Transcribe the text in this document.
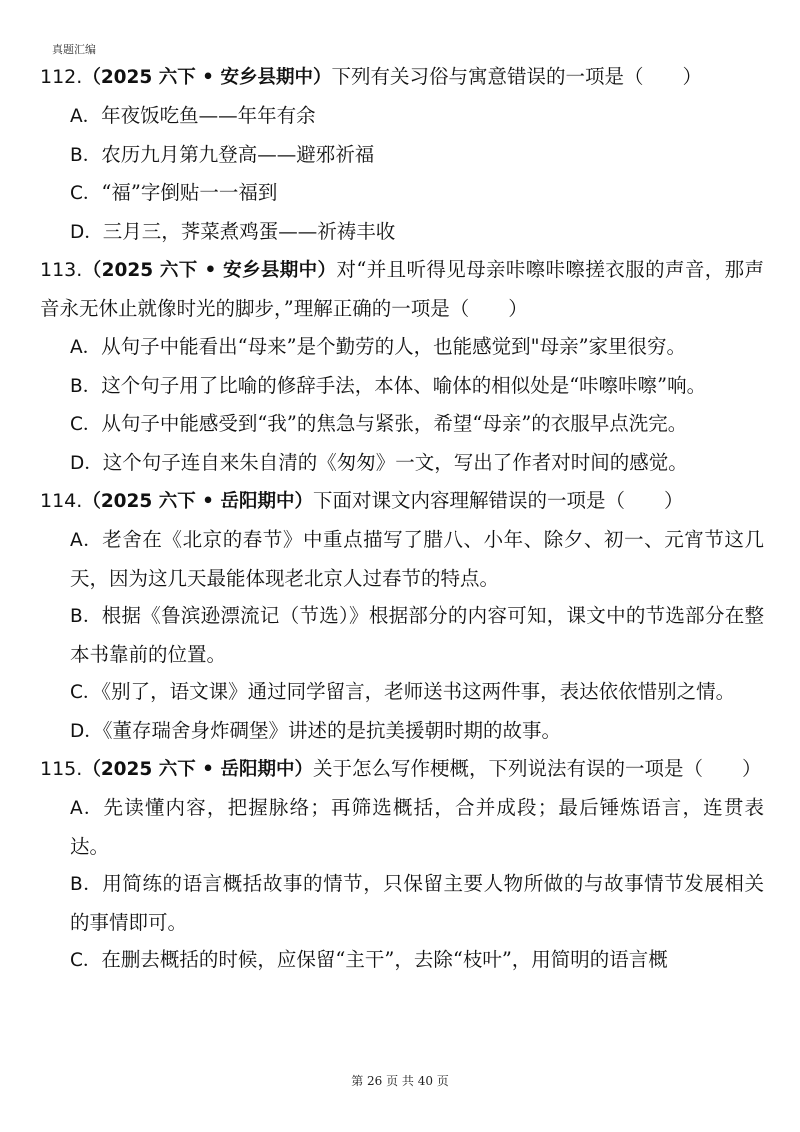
真题汇编

112.（2025 六下 • 安乡县期中）下列有关习俗与寓意错误的一项是（　　）

A．年夜饭吃鱼——年年有余

B．农历九月第九登高——避邪祈福

C．“福”字倒贴一一福到

D．三月三，荠菜煮鸡蛋——祈祷丰收

113.（2025 六下 • 安乡县期中）对“并且听得见母亲咔嚓咔嚓搓衣服的声音，那声音永无休止就像时光的脚步，”理解正确的一项是（　　）

A．从句子中能看出“母来”是个勤劳的人，也能感觉到"母亲”家里很穷。

B．这个句子用了比喻的修辞手法，本体、喻体的相似处是“咔嚓咔嚓”响。

C．从句子中能感受到“我”的焦急与紧张，希望“母亲”的衣服早点洗完。

D．这个句子连自来朱自清的《匆匆》一文，写出了作者对时间的感觉。

114.（2025 六下 • 岳阳期中）下面对课文内容理解错误的一项是（　　）

A．老舍在《北京的春节》中重点描写了腊八、小年、除夕、初一、元宵节这几天，因为这几天最能体现老北京人过春节的特点。

B．根据《鲁滨逊漂流记（节选）》根据部分的内容可知，课文中的节选部分在整本书靠前的位置。

C．《别了，语文课》通过同学留言，老师送书这两件事，表达依依惜别之情。

D．《董存瑞舍身炸碉堡》讲述的是抗美援朝时期的故事。

115.（2025 六下 • 岳阳期中）关于怎么写作梗概，下列说法有误的一项是（　　）

A．先读懂内容，把握脉络；再筛选概括，合并成段；最后锤炼语言，连贯表达。

B．用简练的语言概括故事的情节，只保留主要人物所做的与故事情节发展相关的事情即可。

C．在删去概括的时候，应保留“主干”，去除“枝叶”，用简明的语言概

第 26 页 共 40 页
